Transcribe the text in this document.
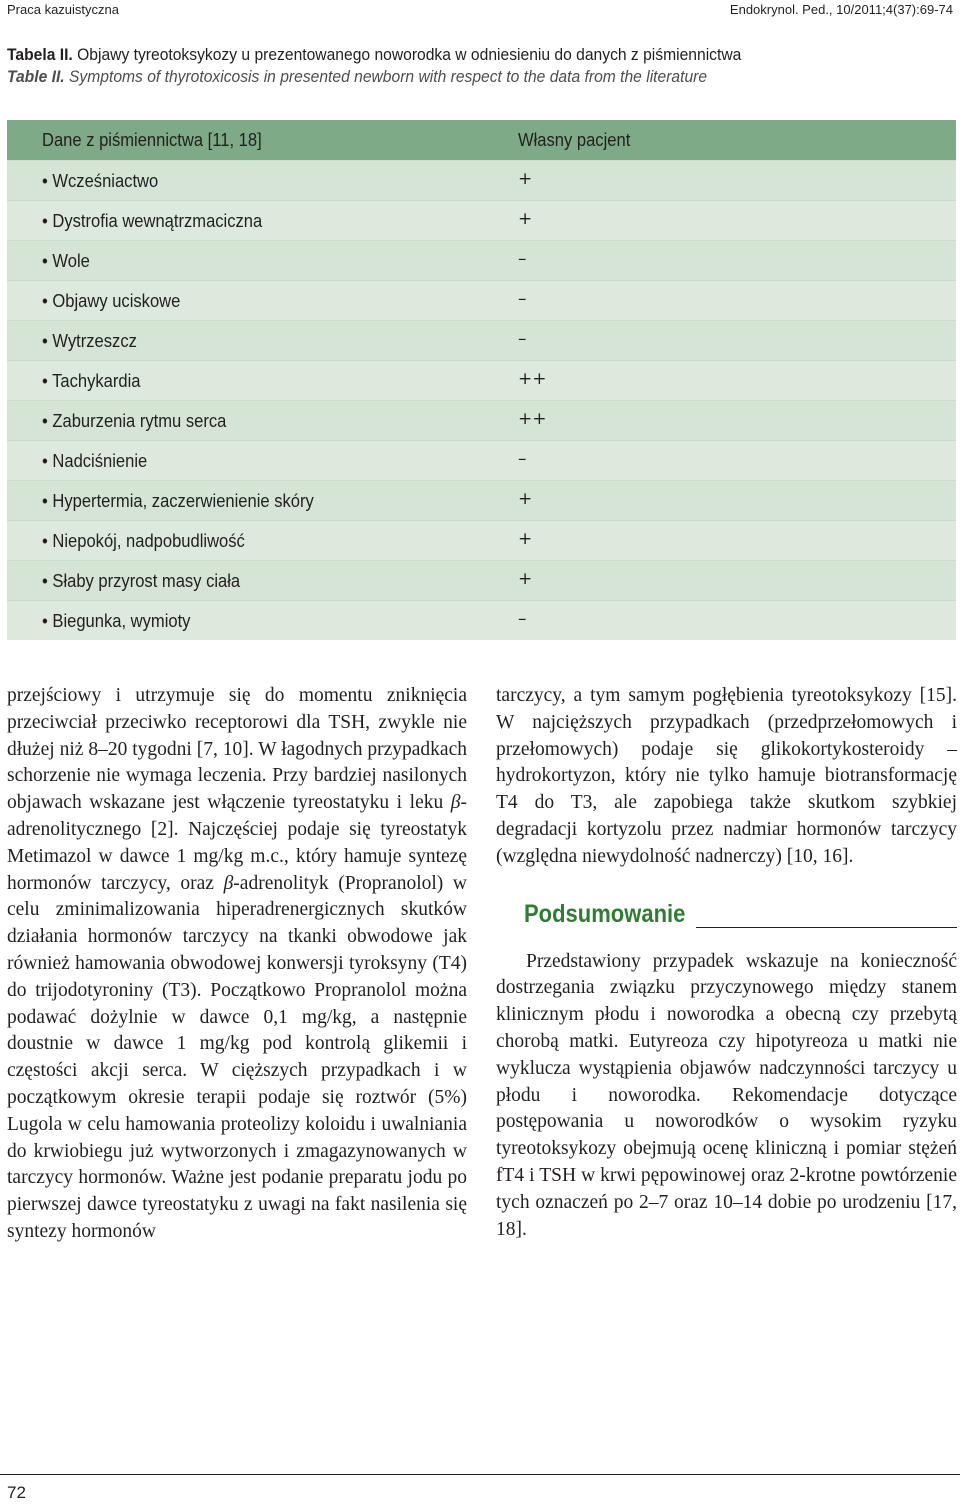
Praca kazuistyczna	Endokrynol. Ped., 10/2011;4(37):69-74
Tabela II. Objawy tyreotoksykozy u prezentowanego noworodka w odniesieniu do danych z piśmiennictwa
Table II. Symptoms of thyrotoxicosis in presented newborn with respect to the data from the literature
Dane z piśmiennictwa [11, 18]	Własny pacjent
• Wcześniactwo	+
• Dystrofia wewnątrzmaciczna	+
• Wole	–
• Objawy uciskowe	–
• Wytrzeszcz	–
• Tachykardia	++
• Zaburzenia rytmu serca	++
• Nadciśnienie	–
• Hypertermia, zaczerwienienie skóry	+
• Niepokój, nadpobudliwość	+
• Słaby przyrost masy ciała	+
• Biegunka, wymioty	–

przejściowy i utrzymuje się do momentu zniknięcia przeciwciał przeciwko receptorowi dla TSH, zwykle nie dłużej niż 8–20 tygodni [7, 10]. W łagodnych przypadkach schorzenie nie wymaga leczenia. Przy bardziej nasilonych objawach wskazane jest włączenie tyreostatyku i leku β-adrenolitycznego [2]. Najczęściej podaje się tyreostatyk Metimazol w dawce 1 mg/kg m.c., który hamuje syntezę hormonów tarczycy, oraz β-adrenolityk (Propranolol) w celu zminimalizowania hiperadrenergicznych skutków działania hormonów tarczycy na tkanki obwodowe jak również hamowania obwodowej konwersji tyroksyny (T4) do trijodotyroniny (T3). Początkowo Propranolol można podawać dożylnie w dawce 0,1 mg/kg, a następnie doustnie w dawce 1 mg/kg pod kontrolą glikemii i częstości akcji serca. W cięższych przypadkach i w początkowym okresie terapii podaje się roztwór (5%) Lugola w celu hamowania proteolizy koloidu i uwalniania do krwiobiegu już wytworzonych i zmagazynowanych w tarczycy hormonów. Ważne jest podanie preparatu jodu po pierwszej dawce tyreostatyku z uwagi na fakt nasilenia się syntezy hormonów

tarczycy, a tym samym pogłębienia tyreotoksykozy [15]. W najcięższych przypadkach (przedprzełomowych i przełomowych) podaje się glikokortykosteroidy – hydrokortyzon, który nie tylko hamuje biotransformację T4 do T3, ale zapobiega także skutkom szybkiej degradacji kortyzolu przez nadmiar hormonów tarczycy (względna niewydolność nadnerczy) [10, 16].

Podsumowanie

Przedstawiony przypadek wskazuje na konieczność dostrzegania związku przyczynowego między stanem klinicznym płodu i noworodka a obecną czy przebytą chorobą matki. Eutyreoza czy hipotyreoza u matki nie wyklucza wystąpienia objawów nadczynności tarczycy u płodu i noworodka. Rekomendacje dotyczące postępowania u noworodków o wysokim ryzyku tyreotoksykozy obejmują ocenę kliniczną i pomiar stężeń fT4 i TSH w krwi pępowinowej oraz 2-krotne powtórzenie tych oznaczeń po 2–7 oraz 10–14 dobie po urodzeniu [17, 18].

72
